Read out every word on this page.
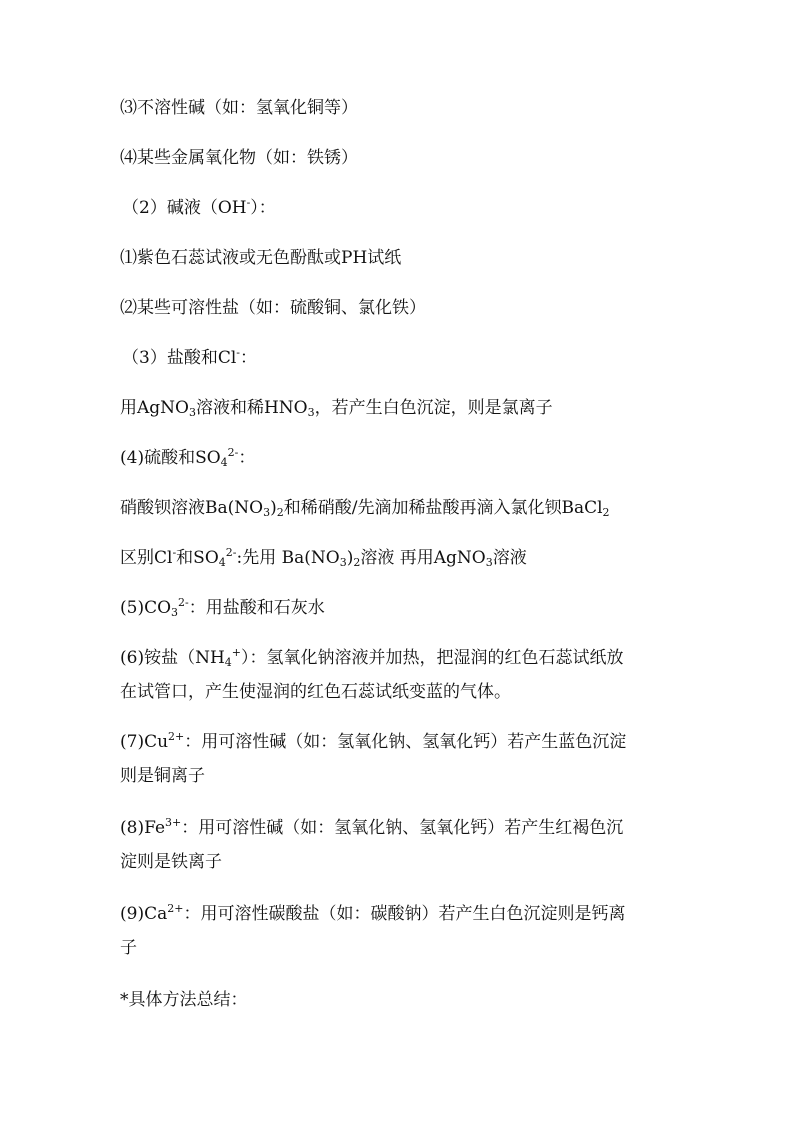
⑶不溶性碱（如：氢氧化铜等）
⑷某些金属氧化物（如：铁锈）
（2）碱液（OH-）：
⑴紫色石蕊试液或无色酚酞或PH试纸
⑵某些可溶性盐（如：硫酸铜、氯化铁）
（3）盐酸和Cl-：
用AgNO$_3$溶液和稀$HNO_3$，若产生白色沉淀，则是氯离子
(4)硫酸和$SO_4^{2-}$：
硝酸钡溶液$Ba(NO_3)_2$和稀硝酸/先滴加稀盐酸再滴入氯化钡BaCl$_2$
区别Cl-和$SO_4^{2-}$:先用 $Ba(NO_3)_2$溶液 再用AgNO$_3$溶液
$(5)CO_3^{2-}$：用盐酸和石灰水
(6)铵盐$(NH_4^+)$：氢氧化钠溶液并加热，把湿润的红色石蕊试纸放
在试管口，产生使湿润的红色石蕊试纸变蓝的气体。
$(7)Cu^{2+}$：用可溶性碱（如：氢氧化钠、氢氧化钙）若产生蓝色沉淀
则是铜离子
$(8)Fe^{3+}$：用可溶性碱（如：氢氧化钠、氢氧化钙）若产生红褐色沉
淀则是铁离子
$(9)Ca^{2+}$：用可溶性碳酸盐（如：碳酸钠）若产生白色沉淀则是钙离
子
*具体方法总结：
